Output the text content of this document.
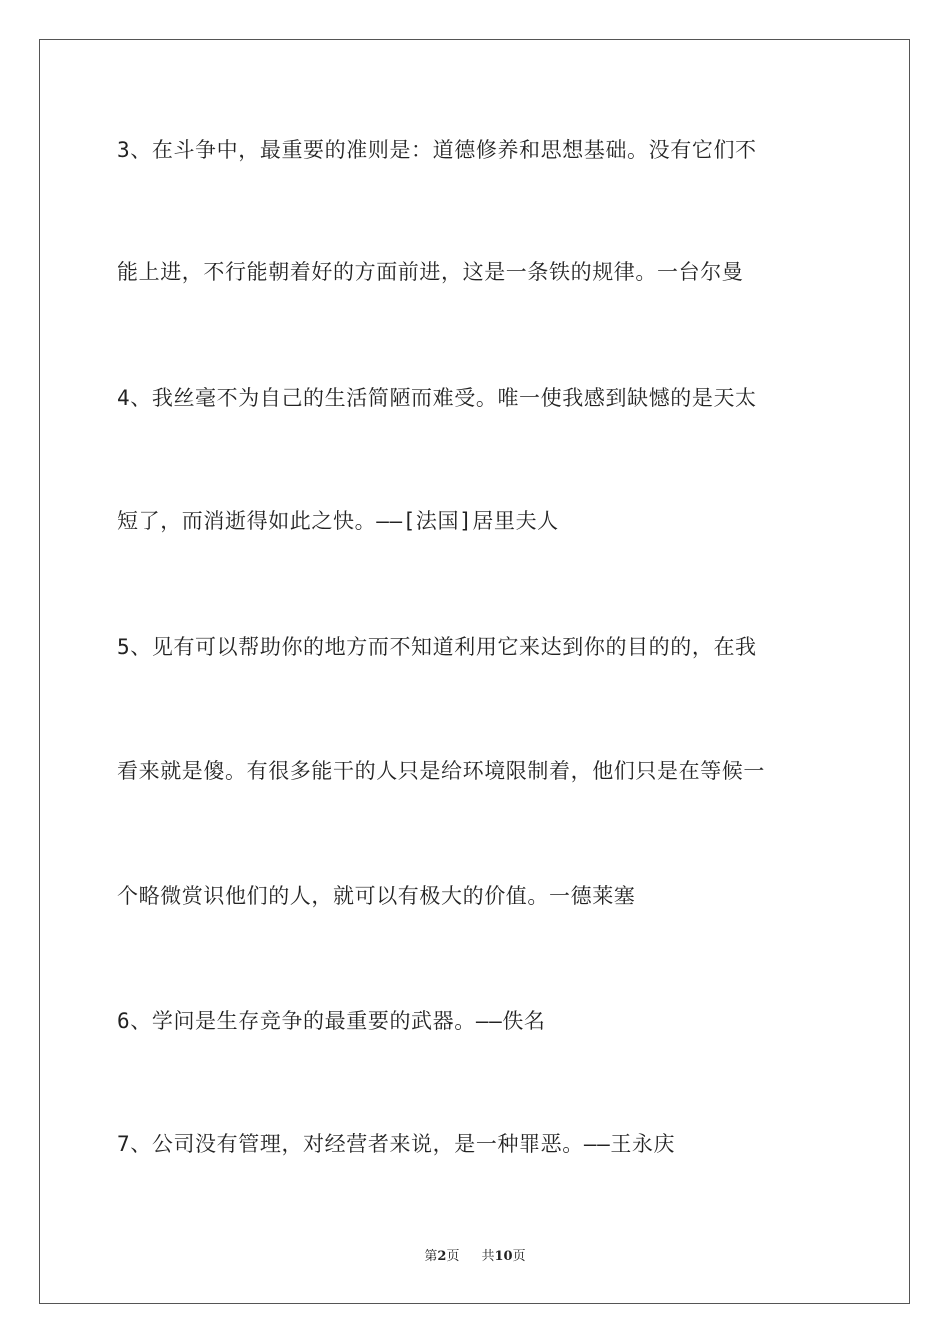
3、在斗争中，最重要的准则是：道德修养和思想基础。没有它们不
能上进，不行能朝着好的方面前进，这是一条铁的规律。一台尔曼
4、我丝毫不为自己的生活简陋而难受。唯一使我感到缺憾的是天太
短了，而消逝得如此之快。——[法国]居里夫人
5、见有可以帮助你的地方而不知道利用它来达到你的目的的，在我
看来就是傻。有很多能干的人只是给环境限制着，他们只是在等候一
个略微赏识他们的人，就可以有极大的价值。一德莱塞
6、学问是生存竞争的最重要的武器。——佚名
7、公司没有管理，对经营者来说，是一种罪恶。——王永庆
第2页 共10页
